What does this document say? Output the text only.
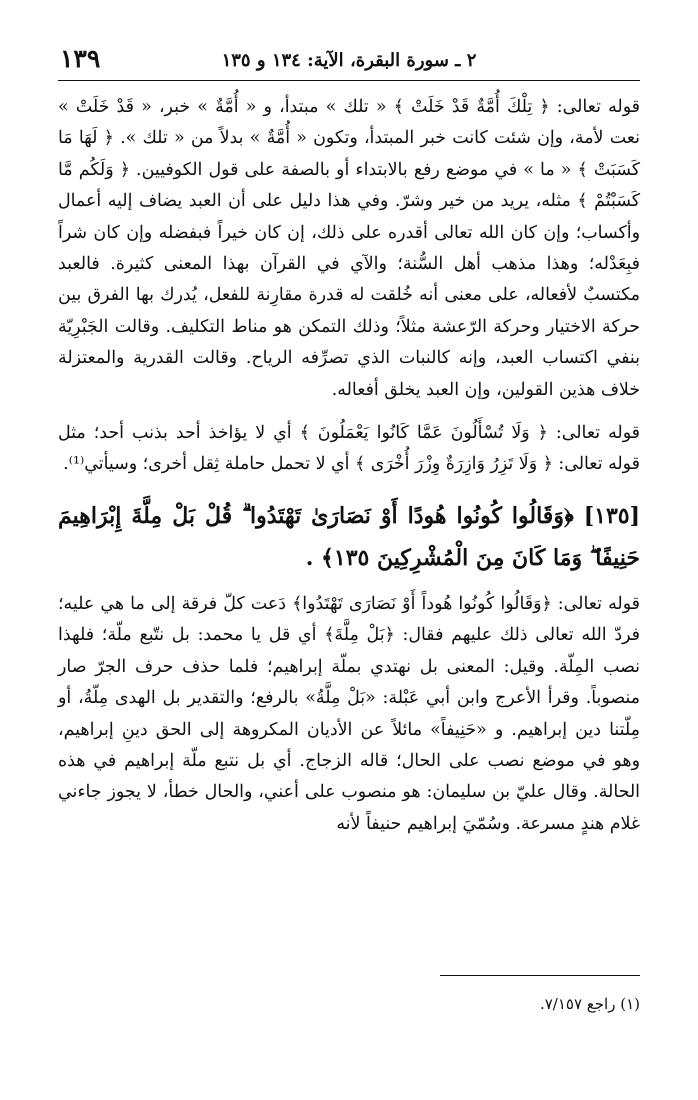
١٣٩	٢ ـ سورة البقرة، الآية: ١٣٤ و ١٣٥

قوله تعالى: ﴿ تِلْكَ أُمَّةٌ قَدْ خَلَتْ ﴾ « تلك » مبتدأ، و « أُمَّةٌ » خبر، « قَدْ خَلَتْ » نعت لأمة، وإن شئت كانت خبر المبتدأ، وتكون « أُمَّةٌ » بدلاً من « تلك ». ﴿ لَهَا مَا كَسَبَتْ ﴾ « ما » في موضع رفع بالابتداء أو بالصفة على قول الكوفيين. ﴿ وَلَكُم مَّا كَسَبْتُمْ ﴾ مثله، يريد من خير وشرّ. وفي هذا دليل على أن العبد يضاف إليه أعمال وأكساب؛ وإن كان الله تعالى أقدره على ذلك، إن كان خيراً فبفضله وإن كان شراً فبِعَدْله؛ وهذا مذهب أهل السُّنة؛ والآي في القرآن بهذا المعنى كثيرة. فالعبد مكتسبٌ لأفعاله، على معنى أنه خُلقت له قدرة مقارِنة للفعل، يُدرك بها الفرق بين حركة الاختيار وحركة الرّعشة مثلاً؛ وذلك التمكن هو مناط التكليف. وقالت الجَبْرِيّة بنفي اكتساب العبد، وإنه كالنبات الذي تصرِّفه الرياح. وقالت القدرية والمعتزلة خلاف هذين القولين، وإن العبد يخلق أفعاله.

قوله تعالى: ﴿ وَلَا تُسْأَلُونَ عَمَّا كَانُوا يَعْمَلُونَ ﴾ أي لا يؤاخذ أحد بذنب أحد؛ مثل قوله تعالى: ﴿ وَلَا تَزِرُ وَازِرَةٌ وِزْرَ أُخْرَى ﴾ أي لا تحمل حاملة ثِقل أخرى؛ وسيأتي⁽¹⁾.

[١٣٥] ﴿وَقَالُوا كُونُوا هُودًا أَوْ نَصَارَىٰ تَهْتَدُوا ۗ قُلْ بَلْ مِلَّةَ إِبْرَاهِيمَ حَنِيفًا ۖ وَمَا كَانَ مِنَ الْمُشْرِكِينَ ١٣٥﴾ .

قوله تعالى: ﴿وَقَالُوا كُونُوا هُوداً أَوْ نَصَارَى تَهْتَدُوا﴾ دَعت كلّ فرقة إلى ما هي عليه؛ فردّ الله تعالى ذلك عليهم فقال: ﴿بَلْ مِلَّةَ﴾ أي قل يا محمد: بل نتّبع ملّة؛ فلهذا نصب المِلّة. وقيل: المعنى بل نهتدي بملّة إبراهيم؛ فلما حذف حرف الجرّ صار منصوباً. وقرأ الأعرج وابن أبي عَبْلة: «بَلْ مِلَّةُ» بالرفع؛ والتقدير بل الهدى مِلّةُ، أو مِلّتنا دين إبراهيم. و «حَنِيفاً» مائلاً عن الأديان المكروهة إلى الحق دينِ إبراهيم، وهو في موضع نصب على الحال؛ قاله الزجاج. أي بل نتبع ملّة إبراهيم في هذه الحالة. وقال عليّ بن سليمان: هو منصوب على أعني، والحال خطأ، لا يجوز جاءني غلام هندٍ مسرعة. وسُمّيَ إبراهيم حنيفاً لأنه

(١) راجع ٧/١٥٧.
